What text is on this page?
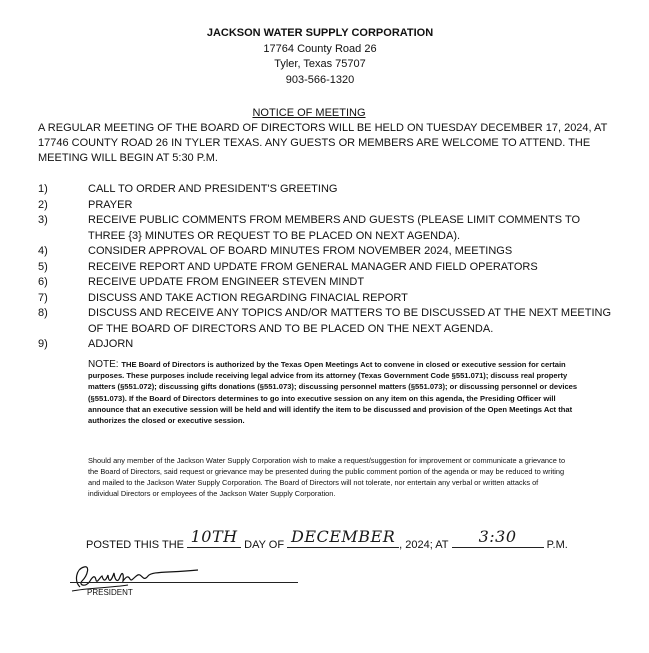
JACKSON WATER SUPPLY CORPORATION
17764 County Road 26
Tyler, Texas 75707
903-566-1320
NOTICE OF MEETING
A REGULAR MEETING OF THE BOARD OF DIRECTORS WILL BE HELD ON TUESDAY DECEMBER 17, 2024, AT 17746 COUNTY ROAD 26 IN TYLER TEXAS. ANY GUESTS OR MEMBERS ARE WELCOME TO ATTEND. THE MEETING WILL BEGIN AT 5:30 P.M.
1)	CALL TO ORDER AND PRESIDENT'S GREETING
2)	PRAYER
3)	RECEIVE PUBLIC COMMENTS FROM MEMBERS AND GUESTS (PLEASE LIMIT COMMENTS TO THREE {3} MINUTES OR REQUEST TO BE PLACED ON NEXT AGENDA).
4)	CONSIDER APPROVAL OF BOARD MINUTES FROM NOVEMBER 2024, MEETINGS
5)	RECEIVE REPORT AND UPDATE FROM GENERAL MANAGER AND FIELD OPERATORS
6)	RECEIVE UPDATE FROM ENGINEER STEVEN MINDT
7)	DISCUSS AND TAKE ACTION REGARDING FINACIAL REPORT
8)	DISCUSS AND RECEIVE ANY TOPICS AND/OR MATTERS TO BE DISCUSSED AT THE NEXT MEETING OF THE BOARD OF DIRECTORS AND TO BE PLACED ON THE NEXT AGENDA.
9)	ADJORN
NOTE: THE Board of Directors is authorized by the Texas Open Meetings Act to convene in closed or executive session for certain purposes. These purposes include receiving legal advice from its attorney (Texas Government Code §551.071); discuss real property matters (§551.072); discussing gifts donations (§551.073); discussing personnel matters (§551.073); or discussing personnel or devices (§551.073). If the Board of Directors determines to go into executive session on any item on this agenda, the Presiding Officer will announce that an executive session will be held and will identify the item to be discussed and provision of the Open Meetings Act that authorizes the closed or executive session.
Should any member of the Jackson Water Supply Corporation wish to make a request/suggestion for improvement or communicate a grievance to the Board of Directors, said request or grievance may be presented during the public comment portion of the agenda or may be reduced to writing and mailed to the Jackson Water Supply Corporation. The Board of Directors will not tolerate, nor entertain any verbal or written attacks of individual Directors or employees of the Jackson Water Supply Corporation.
POSTED THIS THE 10TH DAY OF DECEMBER , 2024; AT	3:30	P.M.
PRESIDENT
